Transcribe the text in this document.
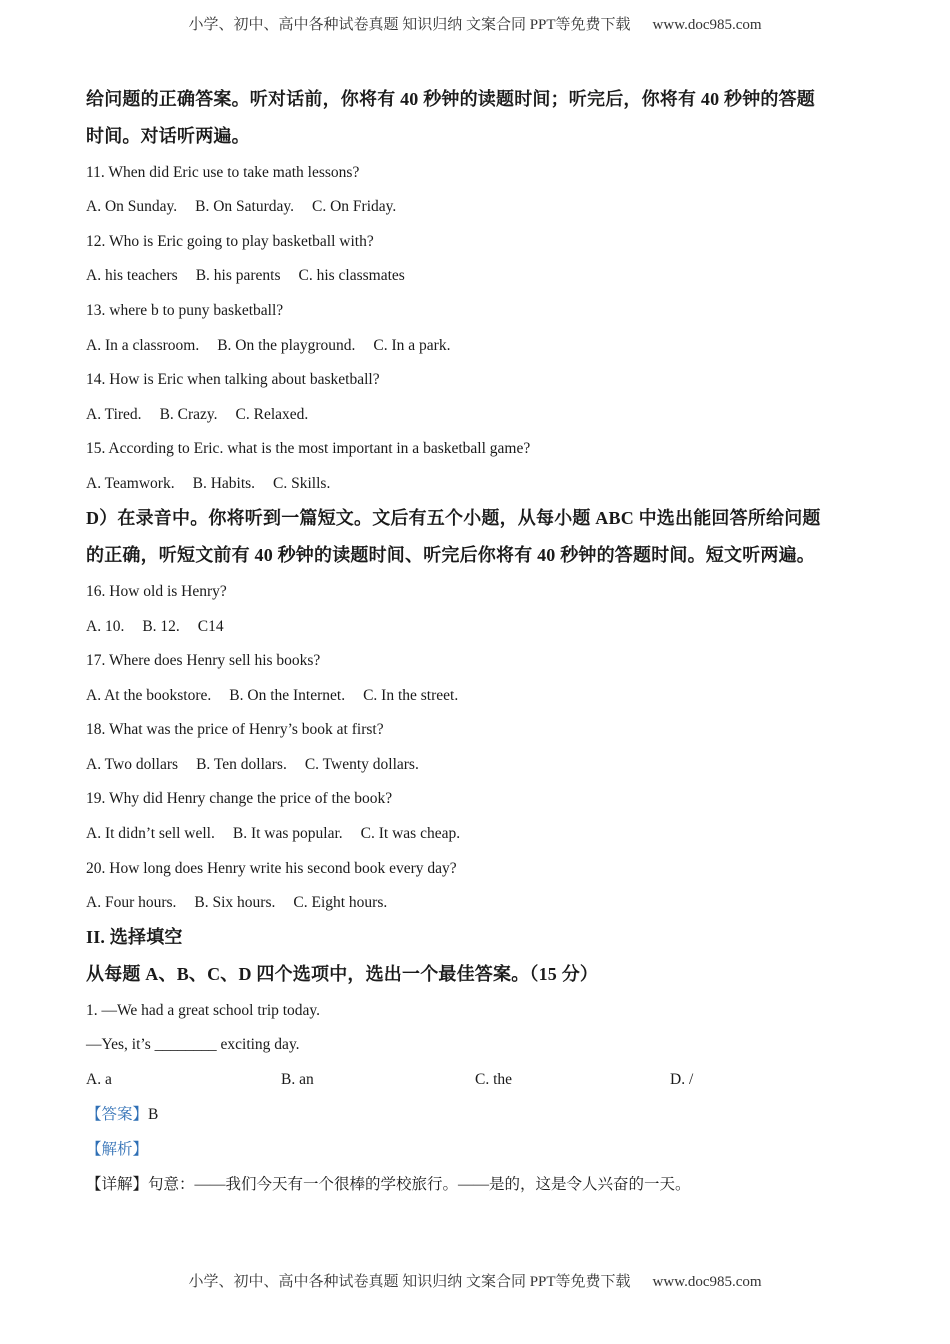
小学、初中、高中各种试卷真题 知识归纳 文案合同 PPT等免费下载 www.doc985.com
给问题的正确答案。听对话前，你将有 40 秒钟的读题时间；听完后，你将有 40 秒钟的答题
时间。对话听两遍。
11. When did Eric use to take math lessons?
A. On Sunday. B. On Saturday. C. On Friday.
12. Who is Eric going to play basketball with?
A. his teachers B. his parents C. his classmates
13. where b to puny basketball?
A. In a classroom. B. On the playground. C. In a park.
14. How is Eric when talking about basketball?
A. Tired. B. Crazy. C. Relaxed.
15. According to Eric. what is the most important in a basketball game?
A. Teamwork. B. Habits. C. Skills.
D）在录音中。你将听到一篇短文。文后有五个小题，从每小题 ABC 中选出能回答所给问题
的正确，听短文前有 40 秒钟的读题时间、听完后你将有 40 秒钟的答题时间。短文听两遍。
16. How old is Henry?
A. 10. B. 12. C14
17. Where does Henry sell his books?
A. At the bookstore. B. On the Internet. C. In the street.
18. What was the price of Henry’s book at first?
A. Two dollars B. Ten dollars. C. Twenty dollars.
19. Why did Henry change the price of the book?
A. It didn’t sell well. B. It was popular. C. It was cheap.
20. How long does Henry write his second book every day?
A. Four hours. B. Six hours. C. Eight hours.
II. 选择填空
从每题 A、B、C、D 四个选项中，选出一个最佳答案。（15 分）
1. —We had a great school trip today.
—Yes, it’s ________ exciting day.
A. a	B. an	C. the	D. /
【答案】B
【解析】
【详解】句意：——我们今天有一个很棒的学校旅行。——是的，这是令人兴奋的一天。
小学、初中、高中各种试卷真题 知识归纳 文案合同 PPT等免费下载 www.doc985.com
